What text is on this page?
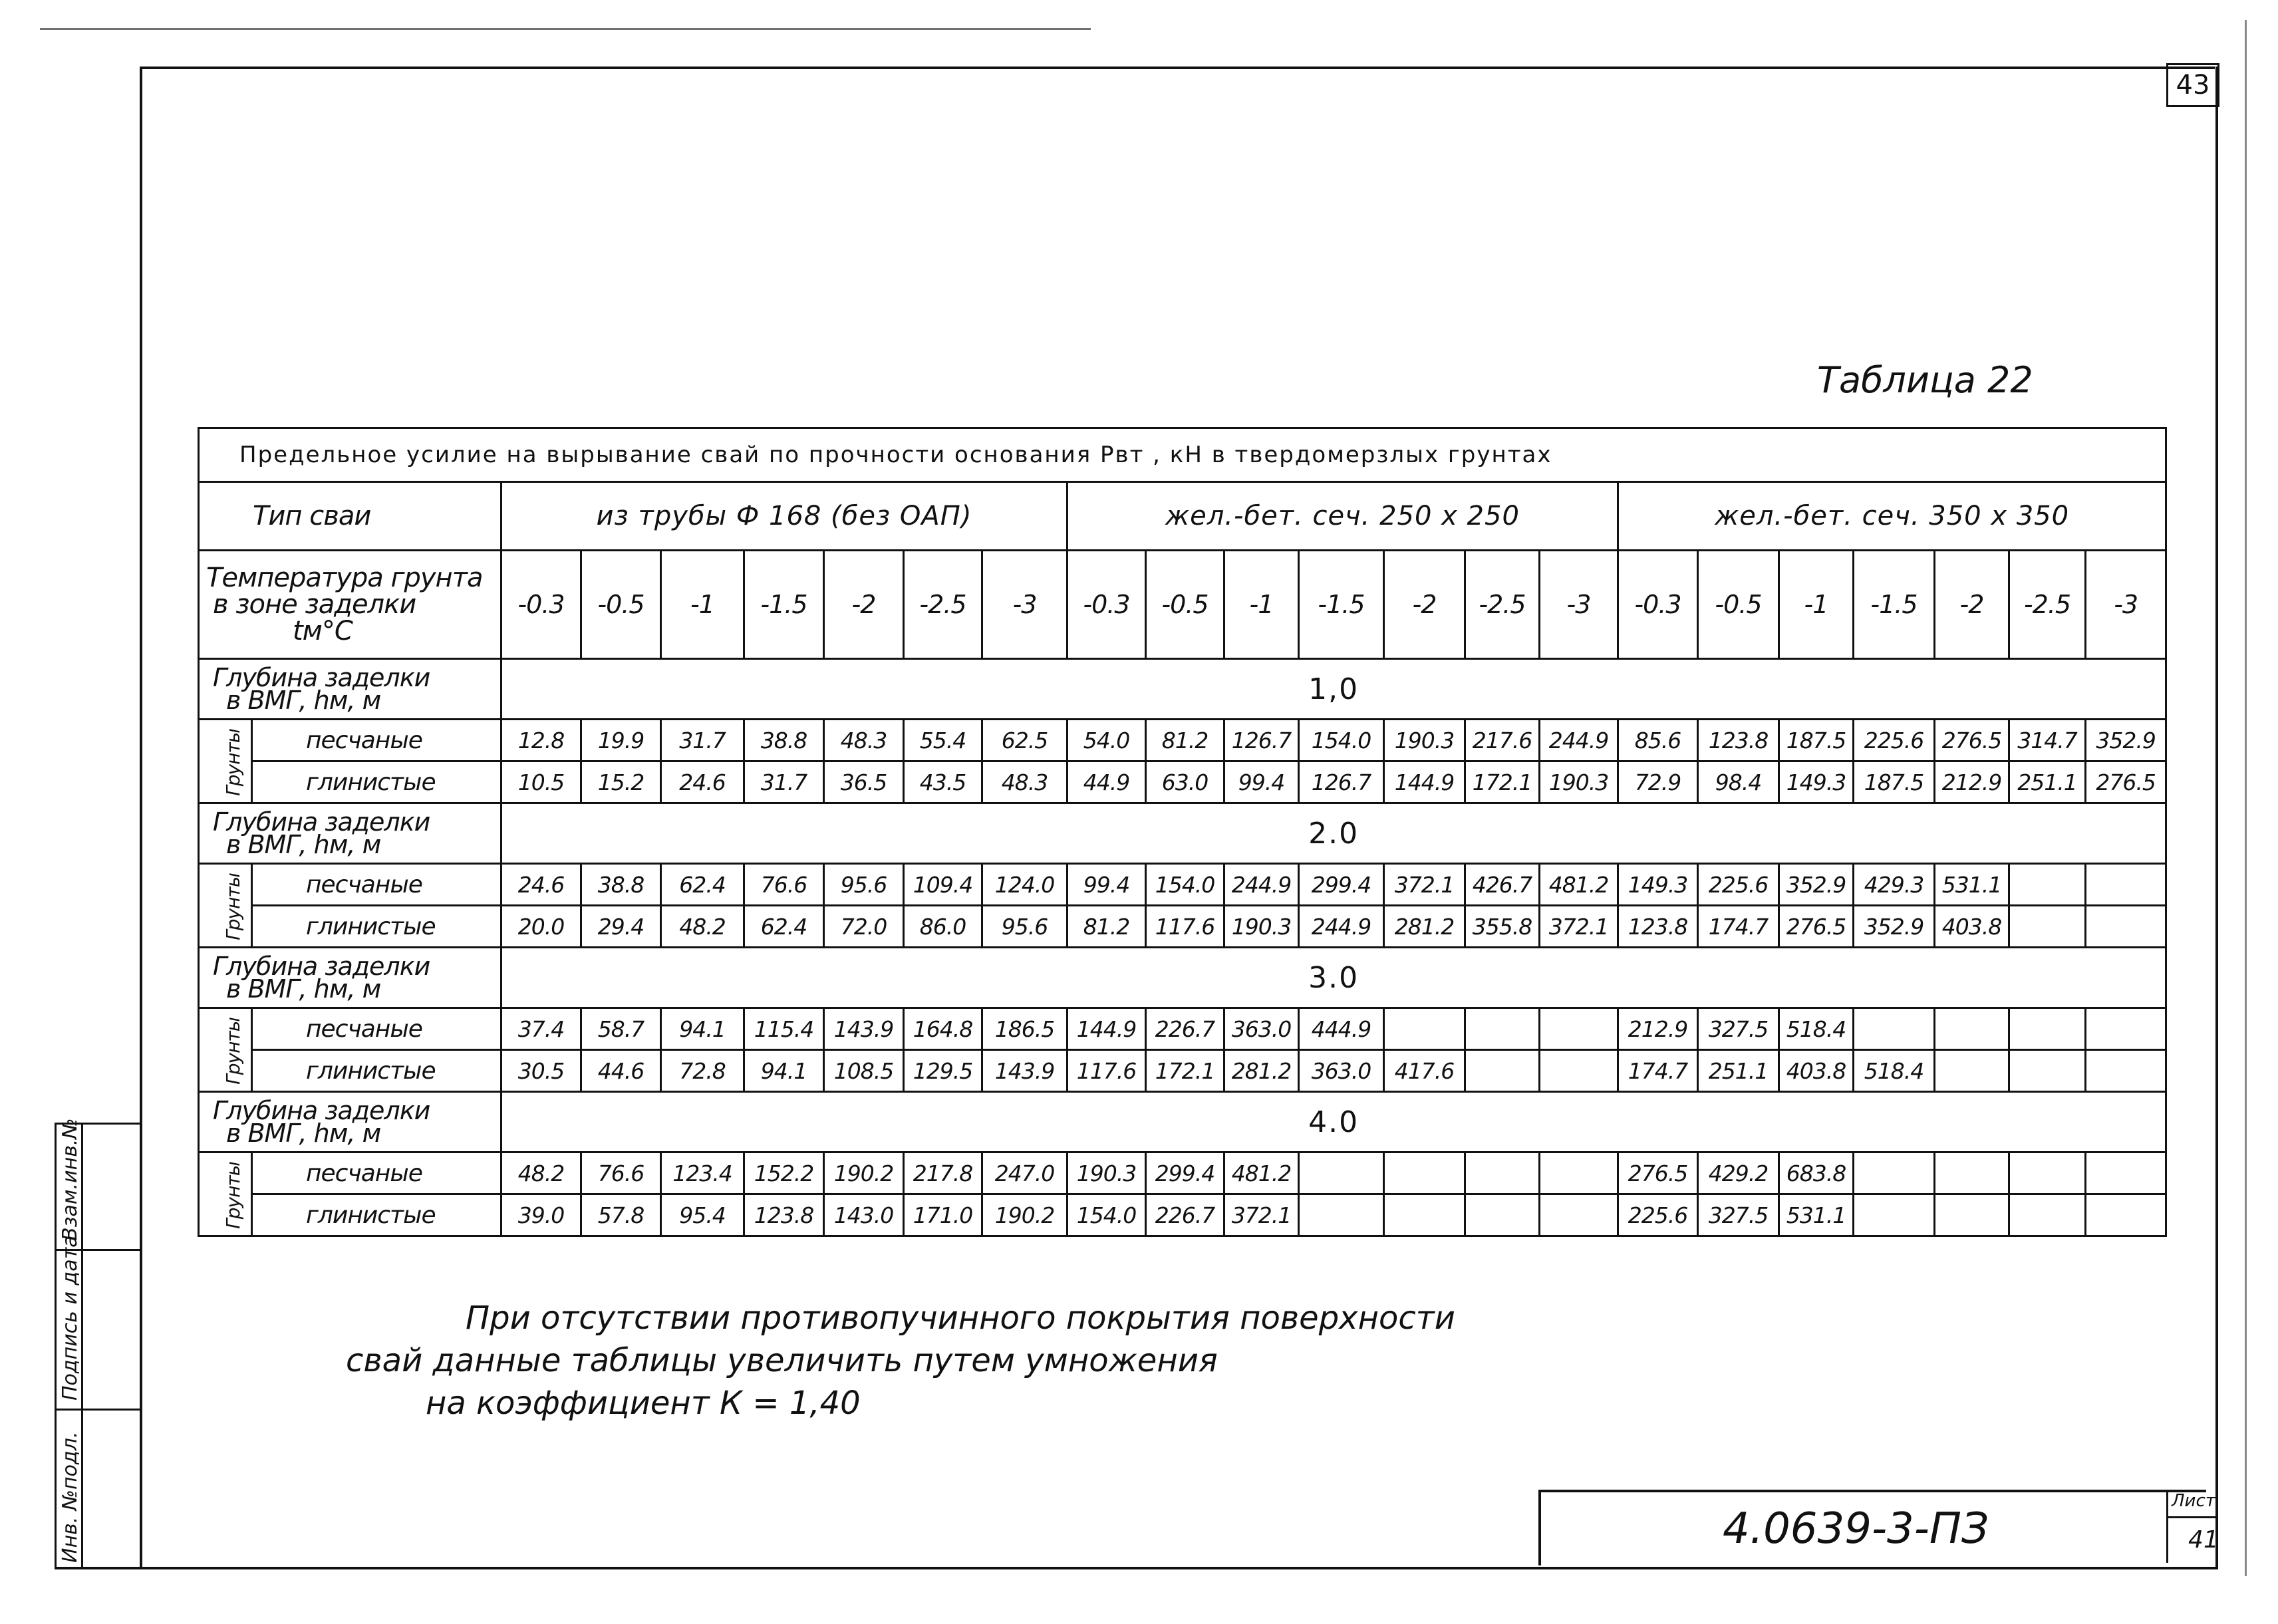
43
Таблица 22
Предельное усилие на вырывание свай по прочности основания Pвт , кН в твердомерзлых грунтах																						
Тип сваи		из трубы Ф 168 (без ОАП)							жел.-бет. сеч. 250 х 250							жел.-бет. сеч. 350 х 350						

Температура грунта
в зоне заделки
tм°С		-0.3	-0.5	-1	-1.5	-2	-2.5	-3	-0.3	-0.5	-1	-1.5	-2	-2.5	-3	-0.3	-0.5	-1	-1.5	-2	-2.5	-3

Глубина заделки
в ВМГ, hм, м		1,0																				
Грунты	песчаные	12.8	19.9	31.7	38.8	48.3	55.4	62.5	54.0	81.2	126.7	154.0	190.3	217.6	244.9	85.6	123.8	187.5	225.6	276.5	314.7	352.9
	глинистые	10.5	15.2	24.6	31.7	36.5	43.5	48.3	44.9	63.0	99.4	126.7	144.9	172.1	190.3	72.9	98.4	149.3	187.5	212.9	251.1	276.5

Глубина заделки
в ВМГ, hм, м		2.0																				
Грунты	песчаные	24.6	38.8	62.4	76.6	95.6	109.4	124.0	99.4	154.0	244.9	299.4	372.1	426.7	481.2	149.3	225.6	352.9	429.3	531.1		
	глинистые	20.0	29.4	48.2	62.4	72.0	86.0	95.6	81.2	117.6	190.3	244.9	281.2	355.8	372.1	123.8	174.7	276.5	352.9	403.8		

Глубина заделки
в ВМГ, hм, м		3.0																				
Грунты	песчаные	37.4	58.7	94.1	115.4	143.9	164.8	186.5	144.9	226.7	363.0	444.9				212.9	327.5	518.4				
	глинистые	30.5	44.6	72.8	94.1	108.5	129.5	143.9	117.6	172.1	281.2	363.0	417.6			174.7	251.1	403.8	518.4			

Глубина заделки
в ВМГ, hм, м		4.0																				
Грунты	песчаные	48.2	76.6	123.4	152.2	190.2	217.8	247.0	190.3	299.4	481.2					276.5	429.2	683.8				
	глинистые	39.0	57.8	95.4	123.8	143.0	171.0	190.2	154.0	226.7	372.1					225.6	327.5	531.1				
При отсутствии противопучинного покрытия поверхности
свай данные таблицы увеличить путем умножения
на коэффициент К = 1,40
4.0639-3-ПЗ
Лист
41
Взам.инв.№
Подпись и дата
Инв. №подл.
